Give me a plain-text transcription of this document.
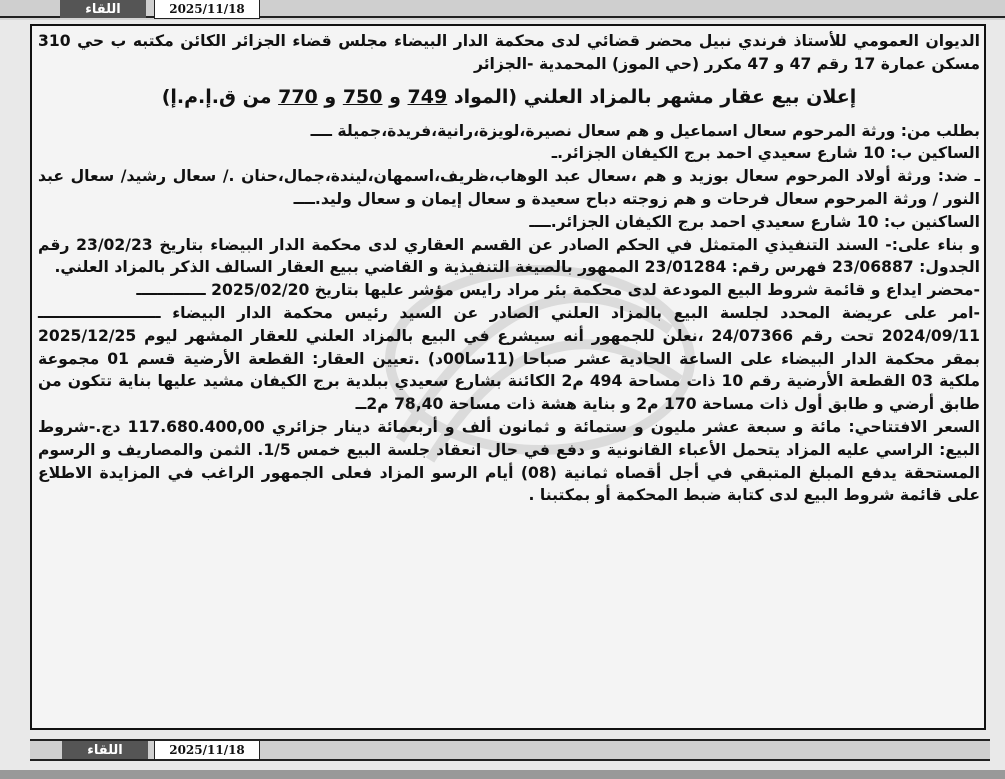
اللقاء	2025/11/18

الديوان العمومي للأستاذ فرندي نبيل محضر قضائي لدى محكمة الدار البيضاء مجلس قضاء الجزائر الكائن مكتبه ب حي 310 مسكن عمارة 17 رقم 47 و 47 مكرر (حي الموز) المحمدية -الجزائر

إعلان بيع عقار مشهر بالمزاد العلني (المواد 749 و 750 و 770 من ق.إ.م.إ)

بطلب من: ورثة المرحوم سعال اسماعيل و هم سعال نصيرة،لويزة،رانية،فريدة،جميلة ــــ

الساكين ب: 10 شارع سعيدي احمد برج الكيفان الجزائر.ـ

ـ ضد: ورثة أولاد المرحوم سعال بوزيد و هم ،سعال عبد الوهاب،ظريف،اسمهان،ليندة،جمال،حنان ./ سعال رشيد/ سعال عبد النور / ورثة المرحوم سعال فرحات و هم زوجته دباح سعيدة و سعال إيمان و سعال وليد.ــــ

الساكنين ب: 10 شارع سعيدي احمد برج الكيفان الجزائر.ــــ

و بناء على:- السند التنفيذي المتمثل في الحكم الصادر عن القسم العقاري لدى محكمة الدار البيضاء بتاريخ 23/02/23 رقم الجدول: 23/06887 فهرس رقم: 23/01284 الممهور بالصيغة التنفيذية و القاضي ببيع العقار السالف الذكر بالمزاد العلني.

-محضر ايداع و قائمة شروط البيع المودعة لدى محكمة بئر مراد رايس مؤشر عليها بتاريخ 2025/02/20 ـــــــــــــ

-امر على عريضة المحدد لجلسة البيع بالمزاد العلني الصادر عن السيد رئيس محكمة الدار البيضاء ـــــــــــــــــــــــ 2024/09/11 تحت رقم 24/07366 ،نعلن للجمهور أنه سيشرع في البيع بالمزاد العلني للعقار المشهر ليوم 2025/12/25 بمقر محكمة الدار البيضاء على الساعة الحادية عشر صباحا (11سا00د) .تعيين العقار: القطعة الأرضية قسم 01 مجموعة ملكية 03 القطعة الأرضية رقم 10 ذات مساحة 494 م2 الكائنة بشارع سعيدي ببلدية برج الكيفان مشيد عليها بناية تتكون من طابق أرضي و طابق أول ذات مساحة 170 م2 و بناية هشة ذات مساحة 78,40 م2ــ

السعر الافتتاحي: مائة و سبعة عشر مليون و ستمائة و ثمانون ألف و أربعمائة دينار جزائري 117.680.400,00 دج.-شروط البيع: الراسي عليه المزاد يتحمل الأعباء القانونية و دفع في حال انعقاد جلسة البيع خمس 1/5. الثمن والمصاريف و الرسوم المستحقة يدفع المبلغ المتبقي في أجل أقصاه ثمانية (08) أيام الرسو المزاد فعلى الجمهور الراغب في المزايدة الاطلاع على قائمة شروط البيع لدى كتابة ضبط المحكمة أو بمكتبنا .

اللقاء	2025/11/18
